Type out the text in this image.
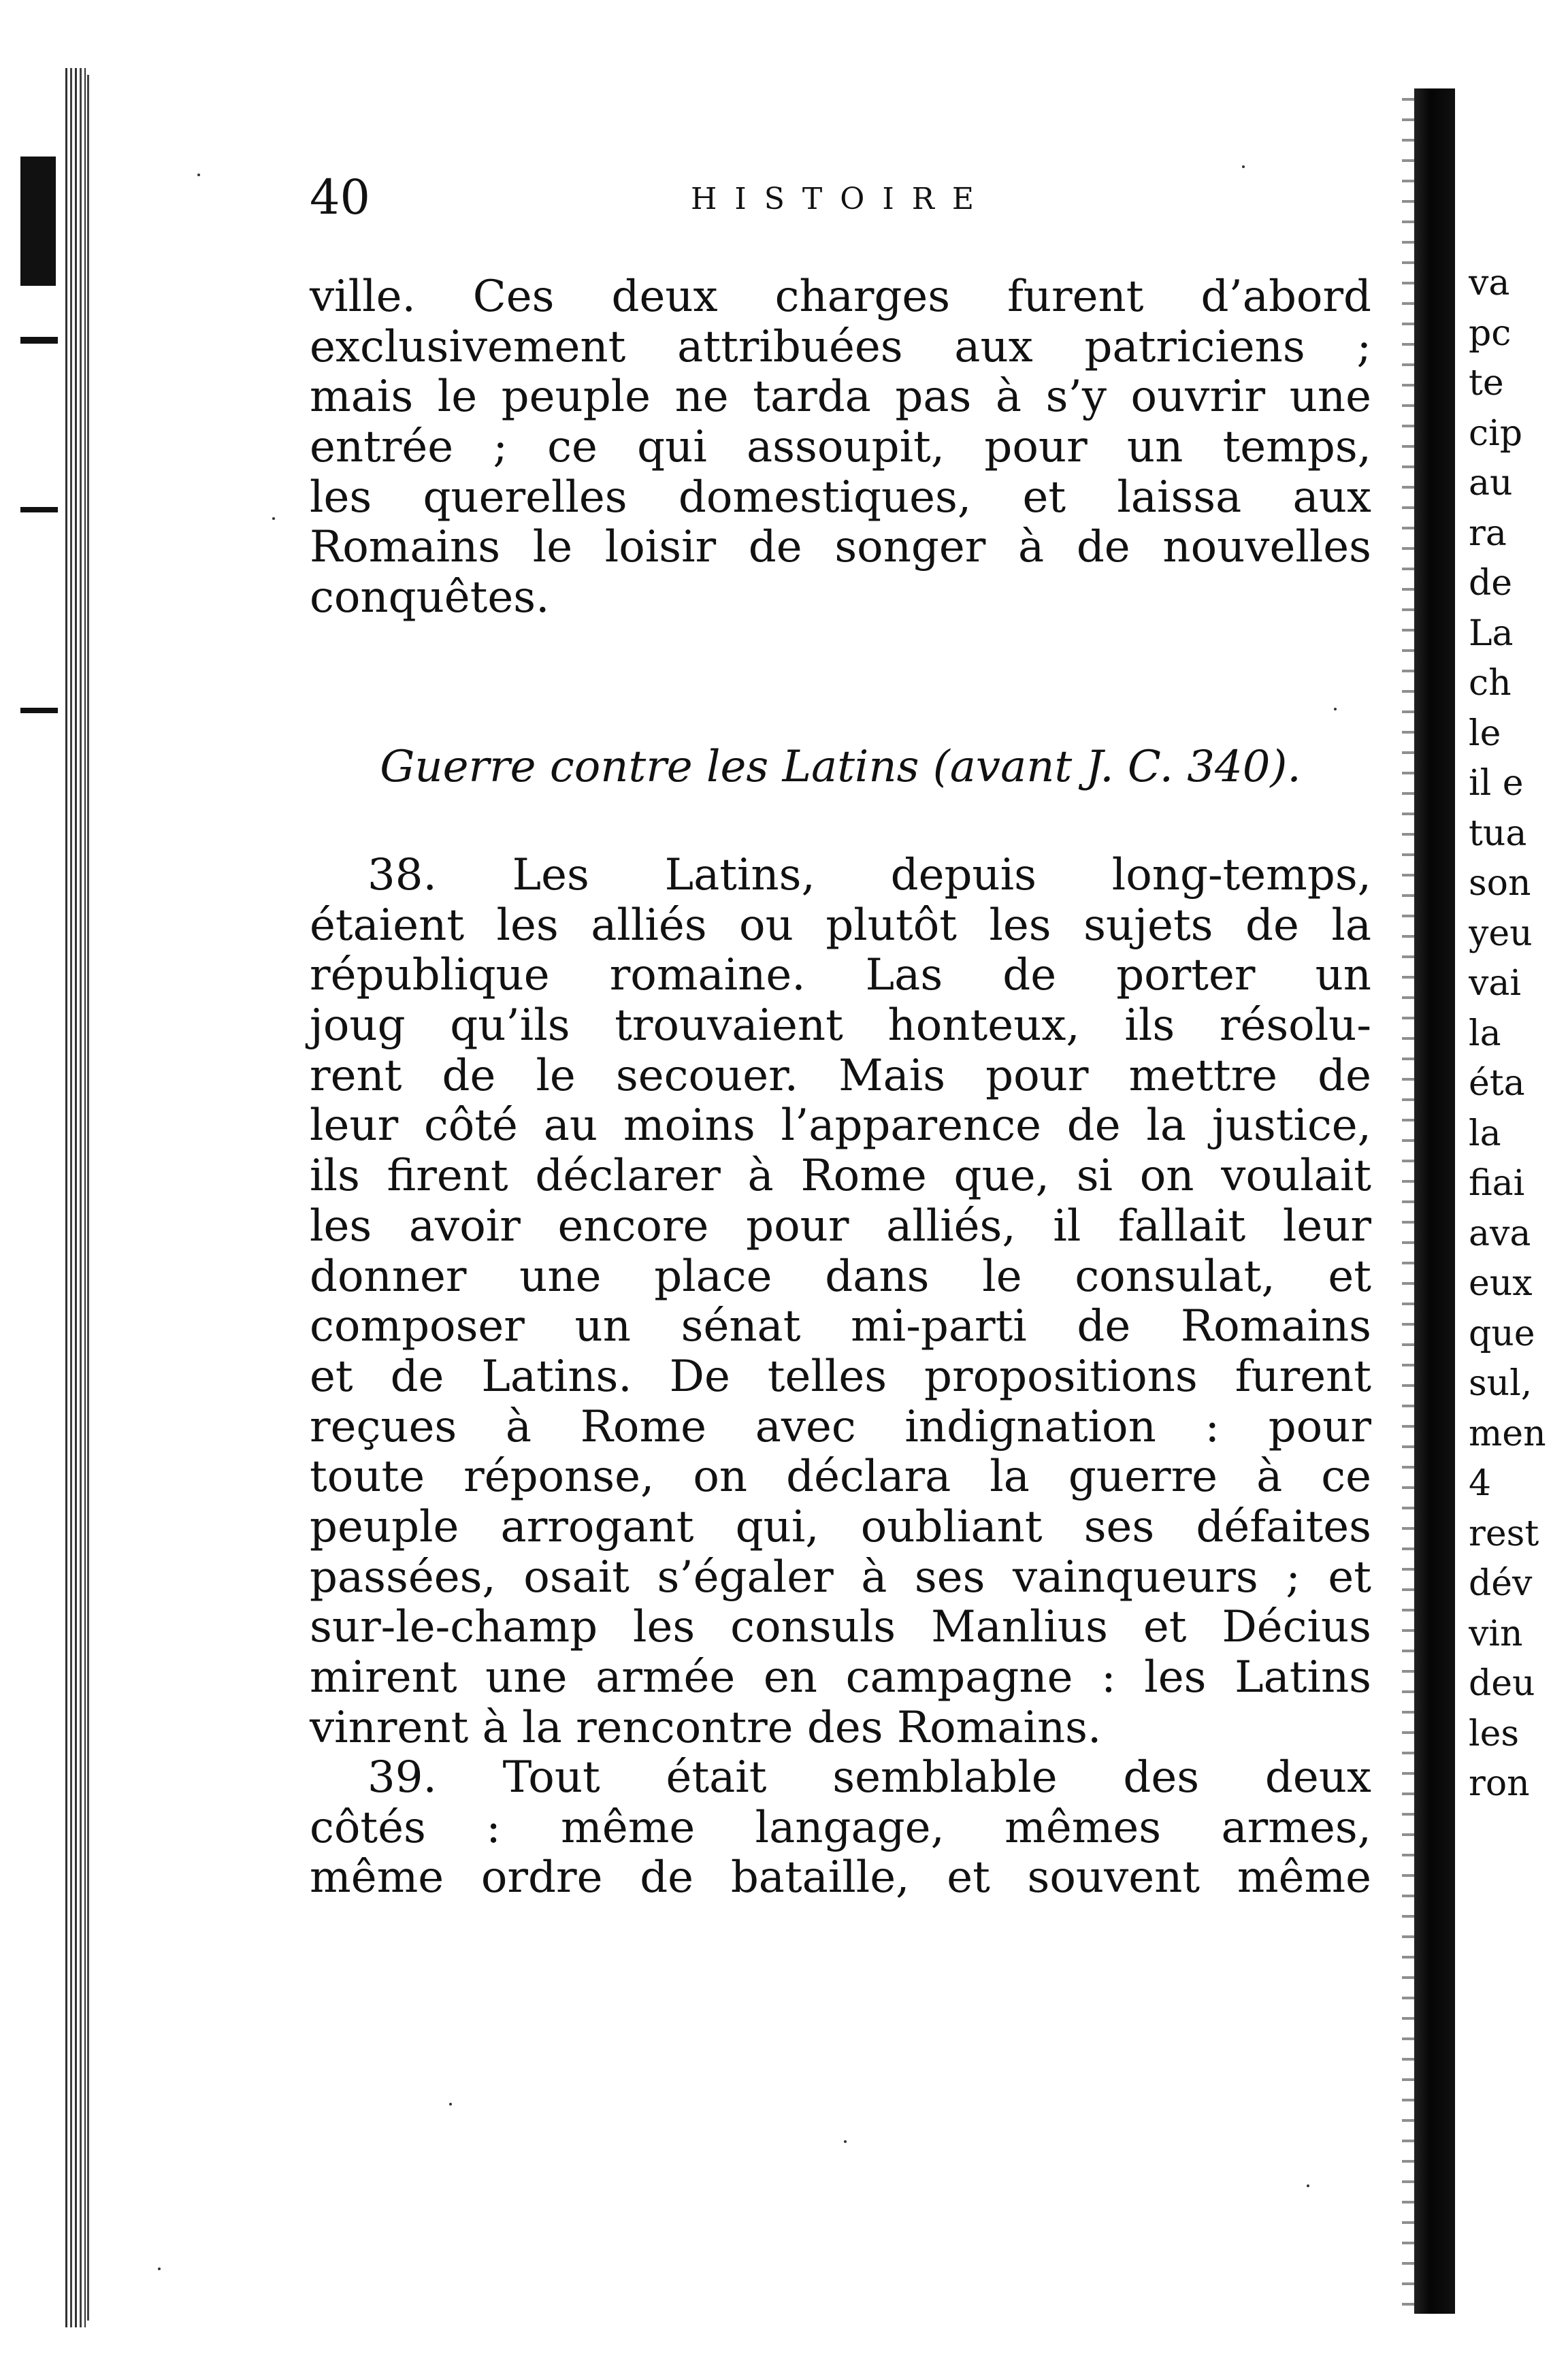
va
pc
te
cip
au
ra
de
La
ch
le
il e
tua
son
yeu
vai
la
éta
la
fiai
ava
eux
que
sul,
men
4
rest
dév
vin
deu
les
ron
40	HISTOIRE
ville. Ces deux charges furent d’abord
exclusivement attribuées aux patriciens ;
mais le peuple ne tarda pas à s’y ouvrir une
entrée ; ce qui assoupit, pour un temps,
les querelles domestiques, et laissa aux
Romains le loisir de songer à de nouvelles
conquêtes.
Guerre contre les Latins (avant J. C. 340).
38. Les Latins, depuis long-temps,
étaient les alliés ou plutôt les sujets de la
république romaine. Las de porter un
joug qu’ils trouvaient honteux, ils résolu-
rent de le secouer. Mais pour mettre de
leur côté au moins l’apparence de la justice,
ils firent déclarer à Rome que, si on voulait
les avoir encore pour alliés, il fallait leur
donner une place dans le consulat, et
composer un sénat mi-parti de Romains
et de Latins. De telles propositions furent
reçues à Rome avec indignation : pour
toute réponse, on déclara la guerre à ce
peuple arrogant qui, oubliant ses défaites
passées, osait s’égaler à ses vainqueurs ; et
sur-le-champ les consuls Manlius et Décius
mirent une armée en campagne : les Latins
vinrent à la rencontre des Romains.
39. Tout était semblable des deux
côtés : même langage, mêmes armes,
même ordre de bataille, et souvent même
